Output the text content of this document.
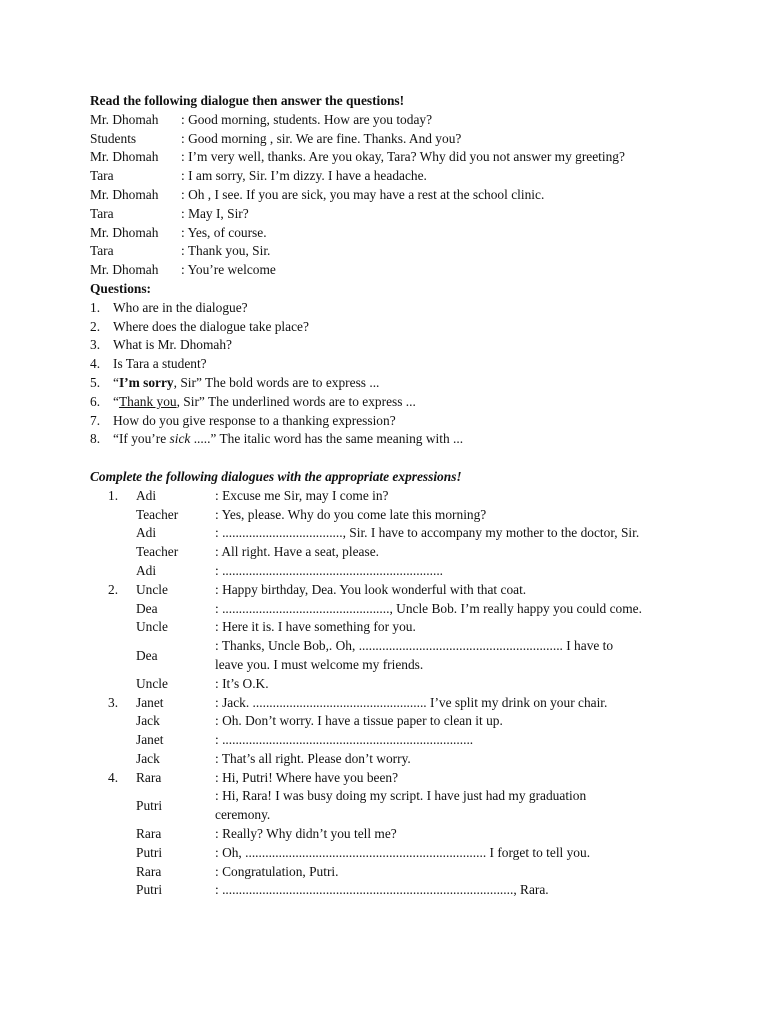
Read the following dialogue then answer the questions!
Mr. Dhomah : Good morning, students. How are you today?
Students	: Good morning , sir. We are fine. Thanks. And you?
Mr. Dhomah : I’m very well, thanks. Are you okay, Tara? Why did you not answer my greeting?
Tara	: I am sorry, Sir. I’m dizzy. I have a headache.
Mr. Dhomah : Oh , I see. If you are sick, you may have a rest at the school clinic.
Tara	: May I, Sir?
Mr. Dhomah : Yes, of course.
Tara	: Thank you, Sir.
Mr. Dhomah : You’re welcome
Questions:
1. Who are in the dialogue?
2. Where does the dialogue take place?
3. What is Mr. Dhomah?
4. Is Tara a student?
5. “I’m sorry, Sir” The bold words are to express ...
6. “Thank you, Sir” The underlined words are to express ...
7. How do you give response to a thanking expression?
8. “If you’re sick .....” The italic word has the same meaning with ...
Complete the following dialogues with the appropriate expressions!
1. Adi	: Excuse me Sir, may I come in?
Teacher	: Yes, please. Why do you come late this morning?
Adi	: ...................................., Sir. I have to accompany my mother to the doctor, Sir.
Teacher	: All right. Have a seat, please.
Adi	: ..................................................................
2. Uncle	: Happy birthday, Dea. You look wonderful with that coat.
Dea	: .................................................., Uncle Bob. I’m really happy you could come.
Uncle	: Here it is. I have something for you.
Dea
: Thanks, Uncle Bob,. Oh, ............................................................. I have to leave you. I must welcome my friends.
Uncle	: It’s O.K.
3. Janet	: Jack. .................................................... I’ve split my drink on your chair.
Jack	: Oh. Don’t worry. I have a tissue paper to clean it up.
Janet	: ...........................................................................
Jack	: That’s all right. Please don’t worry.
4. Rara	: Hi, Putri! Where have you been?
Putri
: Hi, Rara! I was busy doing my script. I have just had my graduation ceremony.
Rara	: Really? Why didn’t you tell me?
Putri	: Oh, ........................................................................ I forget to tell you.
Rara	: Congratulation, Putri.
Putri	: ......................................................................................., Rara.
